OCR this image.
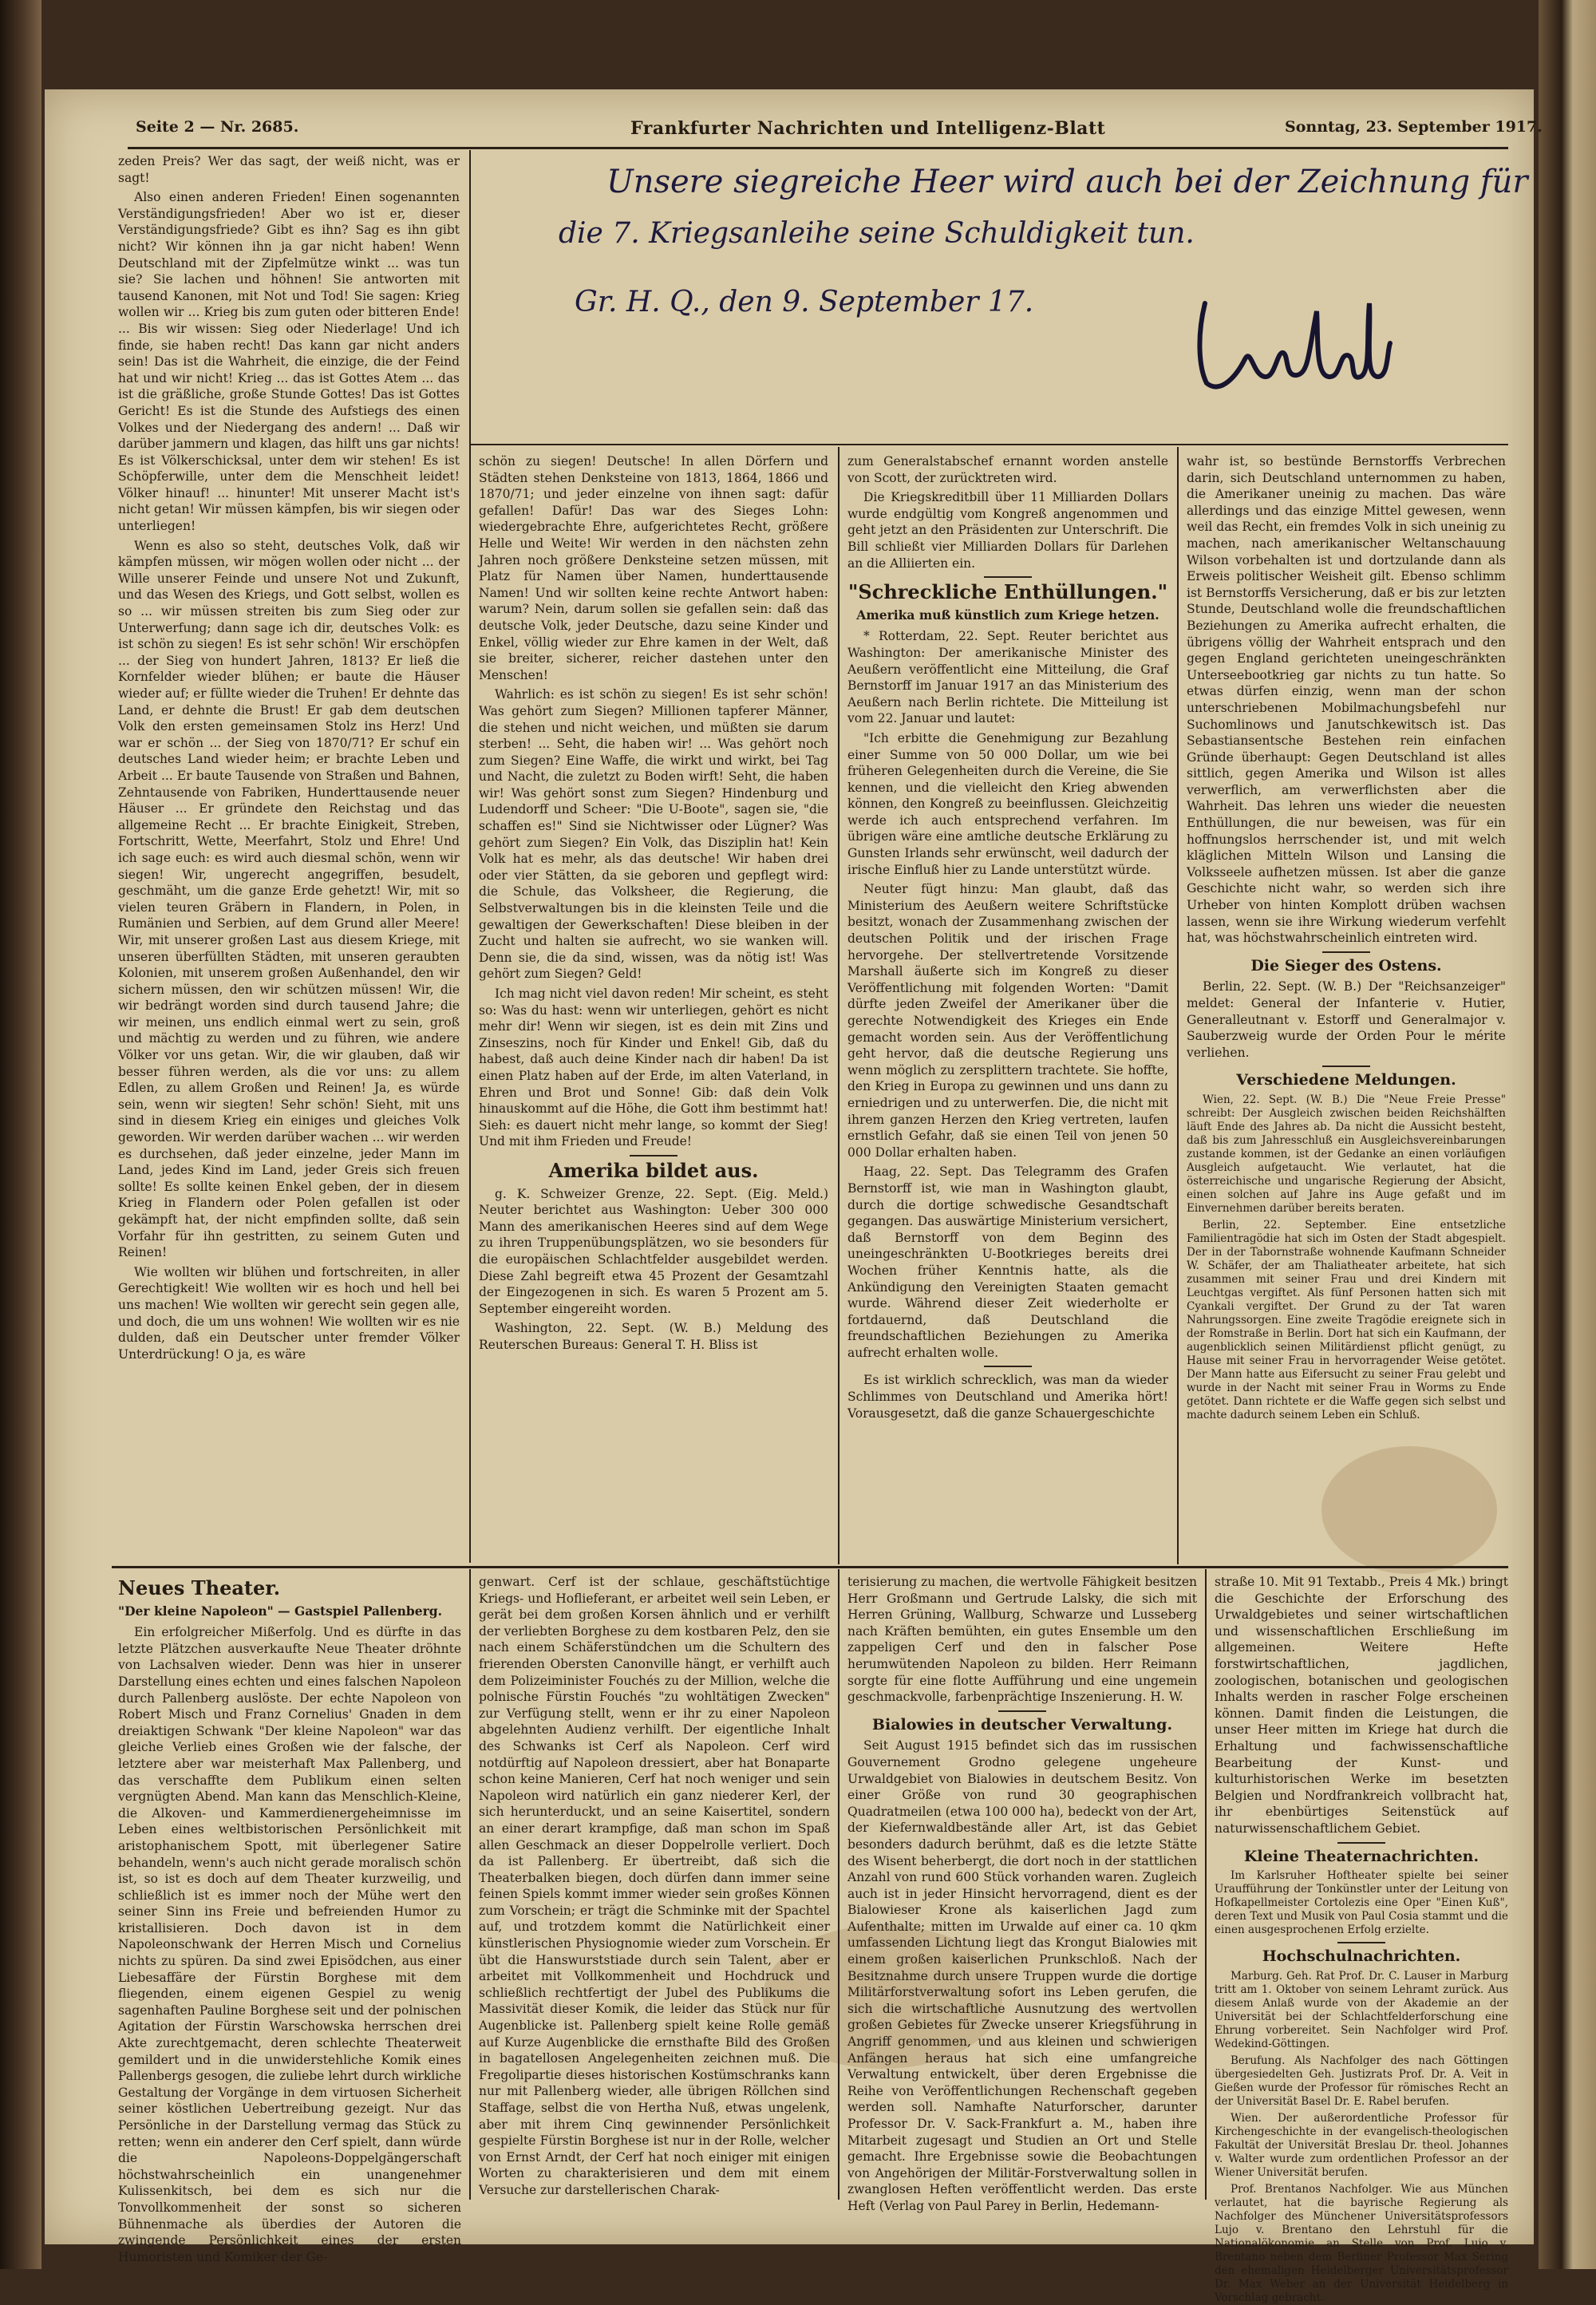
Seite 2 — Nr. 2685.	Frankfurter Nachrichten und Intelligenz-Blatt	Sonntag, 23. September 1917.
Unsere siegreiche Heer wird auch bei der Zeichnung für
die 7. Kriegsanleihe seine Schuldigkeit tun.
Gr. H. Q., den 9. September 17.

zeden Preis? Wer das sagt, der weiß nicht, was er sagt!

Also einen anderen Frieden! Einen sogenannten Verständigungsfrieden! Aber wo ist er, dieser Verständigungsfriede? Gibt es ihn? Sag es ihn gibt nicht? Wir können ihn ja gar nicht haben! Wenn Deutschland mit der Zipfelmütze winkt ... was tun sie? Sie lachen und höhnen! Sie antworten mit tausend Kanonen, mit Not und Tod! Sie sagen: Krieg wollen wir ... Krieg bis zum guten oder bitteren Ende! ... Bis wir wissen: Sieg oder Niederlage! Und ich finde, sie haben recht! Das kann gar nicht anders sein! Das ist die Wahrheit, die einzige, die der Feind hat und wir nicht! Krieg ... das ist Gottes Atem ... das ist die gräßliche, große Stunde Gottes! Das ist Gottes Gericht! Es ist die Stunde des Aufstiegs des einen Volkes und der Niedergang des andern! ... Daß wir darüber jammern und klagen, das hilft uns gar nichts! Es ist Völkerschicksal, unter dem wir stehen! Es ist Schöpferwille, unter dem die Menschheit leidet! Völker hinauf! ... hinunter! Mit unserer Macht ist's nicht getan! Wir müssen kämpfen, bis wir siegen oder unterliegen!

Wenn es also so steht, deutsches Volk, daß wir kämpfen müssen, wir mögen wollen oder nicht ... der Wille unserer Feinde und unsere Not und Zukunft, und das Wesen des Kriegs, und Gott selbst, wollen es so ... wir müssen streiten bis zum Sieg oder zur Unterwerfung; dann sage ich dir, deutsches Volk: es ist schön zu siegen! Es ist sehr schön! Wir erschöpfen ... der Sieg von hundert Jahren, 1813? Er ließ die Kornfelder wieder blühen; er baute die Häuser wieder auf; er füllte wieder die Truhen! Er dehnte das Land, er dehnte die Brust! Er gab dem deutschen Volk den ersten gemeinsamen Stolz ins Herz! Und war er schön ... der Sieg von 1870/71? Er schuf ein deutsches Land wieder heim; er brachte Leben und Arbeit ... Er baute Tausende von Straßen und Bahnen, Zehntausende von Fabriken, Hunderttausende neuer Häuser ... Er gründete den Reichstag und das allgemeine Recht ... Er brachte Einigkeit, Streben, Fortschritt, Wette, Meerfahrt, Stolz und Ehre! Und ich sage euch: es wird auch diesmal schön, wenn wir siegen! Wir, ungerecht angegriffen, besudelt, geschmäht, um die ganze Erde gehetzt! Wir, mit so vielen teuren Gräbern in Flandern, in Polen, in Rumänien und Serbien, auf dem Grund aller Meere! Wir, mit unserer großen Last aus diesem Kriege, mit unseren überfüllten Städten, mit unseren geraubten Kolonien, mit unserem großen Außenhandel, den wir sichern müssen, den wir schützen müssen! Wir, die wir bedrängt worden sind durch tausend Jahre; die wir meinen, uns endlich einmal wert zu sein, groß und mächtig zu werden und zu führen, wie andere Völker vor uns getan. Wir, die wir glauben, daß wir besser führen werden, als die vor uns: zu allem Edlen, zu allem Großen und Reinen! Ja, es würde sein, wenn wir siegten! Sehr schön! Sieht, mit uns sind in diesem Krieg ein einiges und gleiches Volk geworden. Wir werden darüber wachen ... wir werden es durchsehen, daß jeder einzelne, jeder Mann im Land, jedes Kind im Land, jeder Greis sich freuen sollte! Es sollte keinen Enkel geben, der in diesem Krieg in Flandern oder Polen gefallen ist oder gekämpft hat, der nicht empfinden sollte, daß sein Vorfahr für ihn gestritten, zu seinem Guten und Reinen!

Wie wollten wir blühen und fortschreiten, in aller Gerechtigkeit! Wie wollten wir es hoch und hell bei uns machen! Wie wollten wir gerecht sein gegen alle, und doch, die um uns wohnen! Wie wollten wir es nie dulden, daß ein Deutscher unter fremder Völker Unterdrückung! O ja, es wäre

schön zu siegen! Deutsche! In allen Dörfern und Städten stehen Denksteine von 1813, 1864, 1866 und 1870/71; und jeder einzelne von ihnen sagt: dafür gefallen! Dafür! Das war des Sieges Lohn: wiedergebrachte Ehre, aufgerichtetes Recht, größere Helle und Weite! Wir werden in den nächsten zehn Jahren noch größere Denksteine setzen müssen, mit Platz für Namen über Namen, hunderttausende Namen! Und wir sollten keine rechte Antwort haben: warum? Nein, darum sollen sie gefallen sein: daß das deutsche Volk, jeder Deutsche, dazu seine Kinder und Enkel, völlig wieder zur Ehre kamen in der Welt, daß sie breiter, sicherer, reicher dastehen unter den Menschen!

Wahrlich: es ist schön zu siegen! Es ist sehr schön! Was gehört zum Siegen? Millionen tapferer Männer, die stehen und nicht weichen, und müßten sie darum sterben! ... Seht, die haben wir! ... Was gehört noch zum Siegen? Eine Waffe, die wirkt und wirkt, bei Tag und Nacht, die zuletzt zu Boden wirft! Seht, die haben wir! Was gehört sonst zum Siegen? Hindenburg und Ludendorff und Scheer: "Die U-Boote", sagen sie, "die schaffen es!" Sind sie Nichtwisser oder Lügner? Was gehört zum Siegen? Ein Volk, das Disziplin hat! Kein Volk hat es mehr, als das deutsche! Wir haben drei oder vier Stätten, da sie geboren und gepflegt wird: die Schule, das Volksheer, die Regierung, die Selbstverwaltungen bis in die kleinsten Teile und die gewaltigen der Gewerkschaften! Diese bleiben in der Zucht und halten sie aufrecht, wo sie wanken will. Denn sie, die da sind, wissen, was da nötig ist! Was gehört zum Siegen? Geld!

Ich mag nicht viel davon reden! Mir scheint, es steht so: Was du hast: wenn wir unterliegen, gehört es nicht mehr dir! Wenn wir siegen, ist es dein mit Zins und Zinseszins, noch für Kinder und Enkel! Gib, daß du habest, daß auch deine Kinder nach dir haben! Da ist einen Platz haben auf der Erde, im alten Vaterland, in Ehren und Brot und Sonne! Gib: daß dein Volk hinauskommt auf die Höhe, die Gott ihm bestimmt hat! Sieh: es dauert nicht mehr lange, so kommt der Sieg! Und mit ihm Frieden und Freude!

Amerika bildet aus.

g. K. Schweizer Grenze, 22. Sept. (Eig. Meld.) Neuter berichtet aus Washington: Ueber 300 000 Mann des amerikanischen Heeres sind auf dem Wege zu ihren Truppenübungsplätzen, wo sie besonders für die europäischen Schlachtfelder ausgebildet werden. Diese Zahl begreift etwa 45 Prozent der Gesamtzahl der Eingezogenen in sich. Es waren 5 Prozent am 5. September eingereiht worden.

Washington, 22. Sept. (W. B.) Meldung des Reuterschen Bureaus: General T. H. Bliss ist

zum Generalstabschef ernannt worden anstelle von Scott, der zurücktreten wird.

Die Kriegskreditbill über 11 Milliarden Dollars wurde endgültig vom Kongreß angenommen und geht jetzt an den Präsidenten zur Unterschrift. Die Bill schließt vier Milliarden Dollars für Darlehen an die Alliierten ein.

"Schreckliche Enthüllungen."

Amerika muß künstlich zum Kriege hetzen.

* Rotterdam, 22. Sept. Reuter berichtet aus Washington: Der amerikanische Minister des Aeußern veröffentlicht eine Mitteilung, die Graf Bernstorff im Januar 1917 an das Ministerium des Aeußern nach Berlin richtete. Die Mitteilung ist vom 22. Januar und lautet:

"Ich erbitte die Genehmigung zur Bezahlung einer Summe von 50 000 Dollar, um wie bei früheren Gelegenheiten durch die Vereine, die Sie kennen, und die vielleicht den Krieg abwenden können, den Kongreß zu beeinflussen. Gleichzeitig werde ich auch entsprechend verfahren. Im übrigen wäre eine amtliche deutsche Erklärung zu Gunsten Irlands sehr erwünscht, weil dadurch der irische Einfluß hier zu Lande unterstützt würde.

Neuter fügt hinzu: Man glaubt, daß das Ministerium des Aeußern weitere Schriftstücke besitzt, wonach der Zusammenhang zwischen der deutschen Politik und der irischen Frage hervorgehe. Der stellvertretende Vorsitzende Marshall äußerte sich im Kongreß zu dieser Veröffentlichung mit folgenden Worten: "Damit dürfte jeden Zweifel der Amerikaner über die gerechte Notwendigkeit des Krieges ein Ende gemacht worden sein. Aus der Veröffentlichung geht hervor, daß die deutsche Regierung uns wenn möglich zu zersplittern trachtete. Sie hoffte, den Krieg in Europa zu gewinnen und uns dann zu erniedrigen und zu unterwerfen. Die, die nicht mit ihrem ganzen Herzen den Krieg vertreten, laufen ernstlich Gefahr, daß sie einen Teil von jenen 50 000 Dollar erhalten haben.

Haag, 22. Sept. Das Telegramm des Grafen Bernstorff ist, wie man in Washington glaubt, durch die dortige schwedische Gesandtschaft gegangen. Das auswärtige Ministerium versichert, daß Bernstorff von dem Beginn des uneingeschränkten U-Bootkrieges bereits drei Wochen früher Kenntnis hatte, als die Ankündigung den Vereinigten Staaten gemacht wurde. Während dieser Zeit wiederholte er fortdauernd, daß Deutschland die freundschaftlichen Beziehungen zu Amerika aufrecht erhalten wolle.

Es ist wirklich schrecklich, was man da wieder Schlimmes von Deutschland und Amerika hört! Vorausgesetzt, daß die ganze Schauergeschichte

wahr ist, so bestünde Bernstorffs Verbrechen darin, sich Deutschland unternommen zu haben, die Amerikaner uneinig zu machen. Das wäre allerdings und das einzige Mittel gewesen, wenn weil das Recht, ein fremdes Volk in sich uneinig zu machen, nach amerikanischer Weltanschauung Wilson vorbehalten ist und dortzulande dann als Erweis politischer Weisheit gilt. Ebenso schlimm ist Bernstorffs Versicherung, daß er bis zur letzten Stunde, Deutschland wolle die freundschaftlichen Beziehungen zu Amerika aufrecht erhalten, die übrigens völlig der Wahrheit entsprach und den gegen England gerichteten uneingeschränkten Unterseebootkrieg gar nichts zu tun hatte. So etwas dürfen einzig, wenn man der schon unterschriebenen Mobilmachungsbefehl nur Suchomlinows und Janutschkewitsch ist. Das Sebastiansentsche Bestehen rein einfachen Gründe überhaupt: Gegen Deutschland ist alles sittlich, gegen Amerika und Wilson ist alles verwerflich, am verwerflichsten aber die Wahrheit. Das lehren uns wieder die neuesten Enthüllungen, die nur beweisen, was für ein hoffnungslos herrschender ist, und mit welch kläglichen Mitteln Wilson und Lansing die Volksseele aufhetzen müssen. Ist aber die ganze Geschichte nicht wahr, so werden sich ihre Urheber von hinten Komplott drüben wachsen lassen, wenn sie ihre Wirkung wiederum verfehlt hat, was höchstwahrscheinlich eintreten wird.

Die Sieger des Ostens.

Berlin, 22. Sept. (W. B.) Der "Reichsanzeiger" meldet: General der Infanterie v. Hutier, Generalleutnant v. Estorff und Generalmajor v. Sauberzweig wurde der Orden Pour le mérite verliehen.

Verschiedene Meldungen.

Wien, 22. Sept. (W. B.) Die "Neue Freie Presse" schreibt: Der Ausgleich zwischen beiden Reichshälften läuft Ende des Jahres ab. Da nicht die Aussicht besteht, daß bis zum Jahresschluß ein Ausgleichsvereinbarungen zustande kommen, ist der Gedanke an einen vorläufigen Ausgleich aufgetaucht. Wie verlautet, hat die österreichische und ungarische Regierung der Absicht, einen solchen auf Jahre ins Auge gefaßt und im Einvernehmen darüber bereits beraten.

Berlin, 22. September. Eine entsetzliche Familientragödie hat sich im Osten der Stadt abgespielt. Der in der Tabornstraße wohnende Kaufmann Schneider W. Schäfer, der am Thaliatheater arbeitete, hat sich zusammen mit seiner Frau und drei Kindern mit Leuchtgas vergiftet. Als fünf Personen hatten sich mit Cyankali vergiftet. Der Grund zu der Tat waren Nahrungssorgen. Eine zweite Tragödie ereignete sich in der Romstraße in Berlin. Dort hat sich ein Kaufmann, der augenblicklich seinen Militärdienst pflicht genügt, zu Hause mit seiner Frau in hervorragender Weise getötet. Der Mann hatte aus Eifersucht zu seiner Frau gelebt und wurde in der Nacht mit seiner Frau in Worms zu Ende getötet. Dann richtete er die Waffe gegen sich selbst und machte dadurch seinem Leben ein Schluß.

Neues Theater.

"Der kleine Napoleon" — Gastspiel Pallenberg.

Ein erfolgreicher Mißerfolg. Und es dürfte in das letzte Plätzchen ausverkaufte Neue Theater dröhnte von Lachsalven wieder. Denn was hier in unserer Darstellung eines echten und eines falschen Napoleon durch Pallenberg auslöste. Der echte Napoleon von Robert Misch und Franz Cornelius' Gnaden in dem dreiaktigen Schwank "Der kleine Napoleon" war das gleiche Verlieb eines Großen wie der falsche, der letztere aber war meisterhaft Max Pallenberg, und das verschaffte dem Publikum einen selten vergnügten Abend. Man kann das Menschlich-Kleine, die Alkoven- und Kammerdienergeheimnisse im Leben eines weltbistorischen Persönlichkeit mit aristophanischem Spott, mit überlegener Satire behandeln, wenn's auch nicht gerade moralisch schön ist, so ist es doch auf dem Theater kurzweilig, und schließlich ist es immer noch der Mühe wert den seiner Sinn ins Freie und befreienden Humor zu kristallisieren. Doch davon ist in dem Napoleonschwank der Herren Misch und Cornelius nichts zu spüren. Da sind zwei Episödchen, aus einer Liebesaffäre der Fürstin Borghese mit dem fliegenden, einem eigenen Gespiel zu wenig sagenhaften Pauline Borghese seit und der polnischen Agitation der Fürstin Warschowska herrschen drei Akte zurechtgemacht, deren schlechte Theaterweit gemildert und in die unwiderstehliche Komik eines Pallenbergs gesogen, die zuliebe lehrt durch wirkliche Gestaltung der Vorgänge in dem virtuosen Sicherheit seiner köstlichen Uebertreibung gezeigt. Nur das Persönliche in der Darstellung vermag das Stück zu retten; wenn ein anderer den Cerf spielt, dann würde die Napoleons-Doppelgängerschaft höchstwahrscheinlich ein unangenehmer Kulissenkitsch, bei dem es sich nur die Tonvollkommenheit der sonst so sicheren Bühnenmache als überdies der Autoren die zwingende Persönlichkeit eines der ersten Humoristen und Komiker der Ge-

genwart. Cerf ist der schlaue, geschäftstüchtige Kriegs- und Hoflieferant, er arbeitet weil sein Leben, er gerät bei dem großen Korsen ähnlich und er verhilft der verliebten Borghese zu dem kostbaren Pelz, den sie nach einem Schäferstündchen um die Schultern des frierenden Obersten Canonville hängt, er verhilft auch dem Polizeiminister Fouchés zu der Million, welche die polnische Fürstin Fouchés "zu wohltätigen Zwecken" zur Verfügung stellt, wenn er ihr zu einer Napoleon abgelehnten Audienz verhilft. Der eigentliche Inhalt des Schwanks ist Cerf als Napoleon. Cerf wird notdürftig auf Napoleon dressiert, aber hat Bonaparte schon keine Manieren, Cerf hat noch weniger und sein Napoleon wird natürlich ein ganz niederer Kerl, der sich herunterduckt, und an seine Kaisertitel, sondern an einer derart krampfige, daß man schon im Spaß allen Geschmack an dieser Doppelrolle verliert. Doch da ist Pallenberg. Er übertreibt, daß sich die Theaterbalken biegen, doch dürfen dann immer seine feinen Spiels kommt immer wieder sein großes Können zum Vorschein; er trägt die Schminke mit der Spachtel auf, und trotzdem kommt die Natürlichkeit einer künstlerischen Physiognomie wieder zum Vorschein. Er übt die Hanswurststiade durch sein Talent, aber er arbeitet mit Vollkommenheit und Hochdruck und schließlich rechtfertigt der Jubel des Publikums die Massivität dieser Komik, die leider das Stück nur für Augenblicke ist. Pallenberg spielt keine Rolle gemäß auf Kurze Augenblicke die ernsthafte Bild des Großen in bagatellosen Angelegenheiten zeichnen muß. Die Fregolipartie dieses historischen Kostümschranks kann nur mit Pallenberg wieder, alle übrigen Röllchen sind Staffage, selbst die von Hertha Nuß, etwas ungelenk, aber mit ihrem Cinq gewinnender Persönlichkeit gespielte Fürstin Borghese ist nur in der Rolle, welcher von Ernst Arndt, der Cerf hat noch einiger mit einigen Worten zu charakterisieren und dem mit einem Versuche zur darstellerischen Charak-

terisierung zu machen, die wertvolle Fähigkeit besitzen Herr Großmann und Gertrude Lalsky, die sich mit Herren Grüning, Wallburg, Schwarze und Lusseberg nach Kräften bemühten, ein gutes Ensemble um den zappeligen Cerf und den in falscher Pose herumwütenden Napoleon zu bilden. Herr Reimann sorgte für eine flotte Aufführung und eine ungemein geschmackvolle, farbenprächtige Inszenierung. H. W.

Bialowies in deutscher Verwaltung.

Seit August 1915 befindet sich das im russischen Gouvernement Grodno gelegene ungeheure Urwaldgebiet von Bialowies in deutschem Besitz. Von einer Größe von rund 30 geographischen Quadratmeilen (etwa 100 000 ha), bedeckt von der Art, der Kiefernwaldbestände aller Art, ist das Gebiet besonders dadurch berühmt, daß es die letzte Stätte des Wisent beherbergt, die dort noch in der stattlichen Anzahl von rund 600 Stück vorhanden waren. Zugleich auch ist in jeder Hinsicht hervorragend, dient es der Bialowieser Krone als kaiserlichen Jagd zum Aufenthalte; mitten im Urwalde auf einer ca. 10 qkm umfassenden Lichtung liegt das Krongut Bialowies mit einem großen kaiserlichen Prunkschloß. Nach der Besitznahme durch unsere Truppen wurde die dortige Militärforstverwaltung sofort ins Leben gerufen, die sich die wirtschaftliche Ausnutzung des wertvollen großen Gebietes für Zwecke unserer Kriegsführung in Angriff genommen, und aus kleinen und schwierigen Anfängen heraus hat sich eine umfangreiche Verwaltung entwickelt, über deren Ergebnisse die Reihe von Veröffentlichungen Rechenschaft gegeben werden soll. Namhafte Naturforscher, darunter Professor Dr. V. Sack-Frankfurt a. M., haben ihre Mitarbeit zugesagt und Studien an Ort und Stelle gemacht. Ihre Ergebnisse sowie die Beobachtungen von Angehörigen der Militär-Forstverwaltung sollen in zwanglosen Heften veröffentlicht werden. Das erste Heft (Verlag von Paul Parey in Berlin, Hedemann-

straße 10. Mit 91 Textabb., Preis 4 Mk.) bringt die Geschichte der Erforschung des Urwaldgebietes und seiner wirtschaftlichen und wissenschaftlichen Erschließung im allgemeinen. Weitere Hefte forstwirtschaftlichen, jagdlichen, zoologischen, botanischen und geologischen Inhalts werden in rascher Folge erscheinen können. Damit finden die Leistungen, die unser Heer mitten im Kriege hat durch die Erhaltung und fachwissenschaftliche Bearbeitung der Kunst- und kulturhistorischen Werke im besetzten Belgien und Nordfrankreich vollbracht hat, ihr ebenbürtiges Seitenstück auf naturwissenschaftlichem Gebiet.

Kleine Theaternachrichten.

Im Karlsruher Hoftheater spielte bei seiner Uraufführung der Tonkünstler unter der Leitung von Hofkapellmeister Cortolezis eine Oper "Einen Kuß", deren Text und Musik von Paul Cosia stammt und die einen ausgesprochenen Erfolg erzielte.

Hochschulnachrichten.

Marburg. Geh. Rat Prof. Dr. C. Lauser in Marburg tritt am 1. Oktober von seinem Lehramt zurück. Aus diesem Anlaß wurde von der Akademie an der Universität bei der Schlachtfelderforschung eine Ehrung vorbereitet. Sein Nachfolger wird Prof. Wedekind-Göttingen.

Berufung. Als Nachfolger des nach Göttingen übergesiedelten Geh. Justizrats Prof. Dr. A. Veit in Gießen wurde der Professor für römisches Recht an der Universität Basel Dr. E. Rabel berufen.

Wien. Der außerordentliche Professor für Kirchengeschichte in der evangelisch-theologischen Fakultät der Universität Breslau Dr. theol. Johannes v. Walter wurde zum ordentlichen Professor an der Wiener Universität berufen.

Prof. Brentanos Nachfolger. Wie aus München verlautet, hat die bayrische Regierung als Nachfolger des Münchener Universitätsprofessors Lujo v. Brentano den Lehrstuhl für die Nationalökonomie an Stelle von Prof. Lujo v. Brentano neben dem Berliner Professor Max Sering den ehemaligen Heidelberger Universitätsprofessor Dr. Max Weber an der Universität Heidelberg in Vorschlag gebracht.
